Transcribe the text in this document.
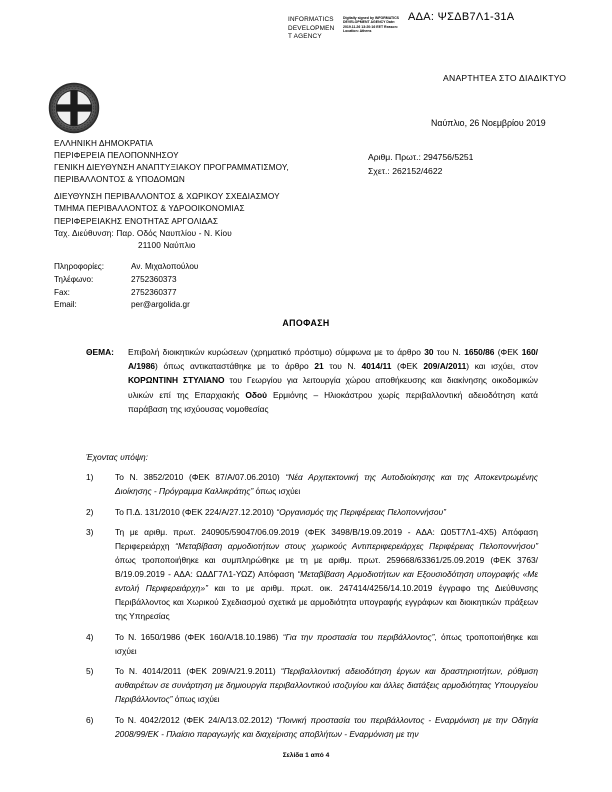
INFORMATICS
DEVELOPMEN
T AGENCY
Digitally signed by INFORMATICS DEVELOPMENT AGENCY Date: 2019.11.26 13:20:16 EET Reason: Location: Athens
ΑΔΑ: ΨΣΔΒ7Λ1-31Α
ΑΝΑΡΤΗΤΕΑ ΣΤΟ ΔΙΑΔΙΚΤΥΟ
Ναύπλιο, 26 Νοεμβρίου 2019
ΕΛΛΗΝΙΚΗ ΔΗΜΟΚΡΑΤΙΑ
ΠΕΡΙΦΕΡΕΙΑ ΠΕΛΟΠΟΝΝΗΣΟΥ
ΓΕΝΙΚΗ ΔΙΕΥΘΥΝΣΗ ΑΝΑΠΤΥΞΙΑΚΟΥ ΠΡΟΓΡΑΜΜΑΤΙΣΜΟΥ,
ΠΕΡΙΒΑΛΛΟΝΤΟΣ & ΥΠΟΔΟΜΩΝ
ΔΙΕΥΘΥΝΣΗ ΠΕΡΙΒΑΛΛΟΝΤΟΣ & ΧΩΡΙΚΟΥ ΣΧΕΔΙΑΣΜΟΥ
ΤΜΗΜΑ ΠΕΡΙΒΑΛΛΟΝΤΟΣ & ΥΔΡΟΟΙΚΟΝΟΜΙΑΣ
ΠΕΡΙΦΕΡΕΙΑΚΗΣ ΕΝΟΤΗΤΑΣ ΑΡΓΟΛΙΔΑΣ
Ταχ. Διεύθυνση: Παρ. Οδός Ναυπλίου - Ν. Κίου
21100 Ναύπλιο
Αριθμ. Πρωτ.: 294756/5251
Σχετ.: 262152/4622
Πληροφορίες:	Αν. Μιχαλοπούλου
Τηλέφωνο:	2752360373
Fax:	2752360377
Email:	per@argolida.gr
ΑΠΟΦΑΣΗ
ΘΕΜΑ:	Επιβολή διοικητικών κυρώσεων (χρηματικό πρόστιμο) σύμφωνα με το άρθρο 30 του Ν. 1650/86 (ΦΕΚ 160/Α/1986) όπως αντικαταστάθηκε με το άρθρο 21 του Ν. 4014/11 (ΦΕΚ 209/Α/2011) και ισχύει, στον ΚΟΡΩΝΤΙΝΗ ΣΤΥΛΙΑΝΟ του Γεωργίου για λειτουργία χώρου αποθήκευσης και διακίνησης οικοδομικών υλικών επί της Επαρχιακής Οδού Ερμιόνης – Ηλιοκάστρου χωρίς περιβαλλοντική αδειοδότηση κατά παράβαση της ισχύουσας νομοθεσίας
Έχοντας υπόψη:
1)	Το Ν. 3852/2010 (ΦΕΚ 87/Α/07.06.2010) “Νέα Αρχιτεκτονική της Αυτοδιοίκησης και της Αποκεντρωμένης Διοίκησης - Πρόγραμμα Καλλικράτης” όπως ισχύει
2)	Το Π.Δ. 131/2010 (ΦΕΚ 224/Α/27.12.2010) “Οργανισμός της Περιφέρειας Πελοποννήσου”
3)	Τη με αριθμ. πρωτ. 240905/59047/06.09.2019 (ΦΕΚ 3498/Β/19.09.2019 - ΑΔΑ: Ω05Τ7Λ1-4Χ5) Απόφαση Περιφερειάρχη “Μεταβίβαση αρμοδιοτήτων στους χωρικούς Αντιπεριφερειάρχες Περιφέρειας Πελοποννήσου” όπως τροποποιήθηκε και συμπληρώθηκε με τη με αριθμ. πρωτ. 259668/63361/25.09.2019 (ΦΕΚ 3763/Β/19.09.2019 - ΑΔΑ: ΩΔΔΓ7Λ1-ΥΩΖ) Απόφαση “Μεταβίβαση Αρμοδιοτήτων και Εξουσιοδότηση υπογραφής «Με εντολή Περιφερειάρχη»” και το με αριθμ. πρωτ. οικ. 247414/4256/14.10.2019 έγγραφο της Διεύθυνσης Περιβάλλοντος και Χωρικού Σχεδιασμού σχετικά με αρμοδιότητα υπογραφής εγγράφων και διοικητικών πράξεων της Υπηρεσίας
4)	Το Ν. 1650/1986 (ΦΕΚ 160/Α/18.10.1986) “Για την προστασία του περιβάλλοντος”, όπως τροποποιήθηκε και ισχύει
5)	Το Ν. 4014/2011 (ΦΕΚ 209/Α/21.9.2011) “Περιβαλλοντική αδειοδότηση έργων και δραστηριοτήτων, ρύθμιση αυθαιρέτων σε συνάρτηση με δημιουργία περιβαλλοντικού ισοζυγίου και άλλες διατάξεις αρμοδιότητας Υπουργείου Περιβάλλοντος” όπως ισχύει
6)	Το Ν. 4042/2012 (ΦΕΚ 24/Α/13.02.2012) “Ποινική προστασία του περιβάλλοντος - Εναρμόνιση με την Οδηγία 2008/99/ΕΚ - Πλαίσιο παραγωγής και διαχείρισης αποβλήτων - Εναρμόνιση με την
Σελίδα 1 από 4
